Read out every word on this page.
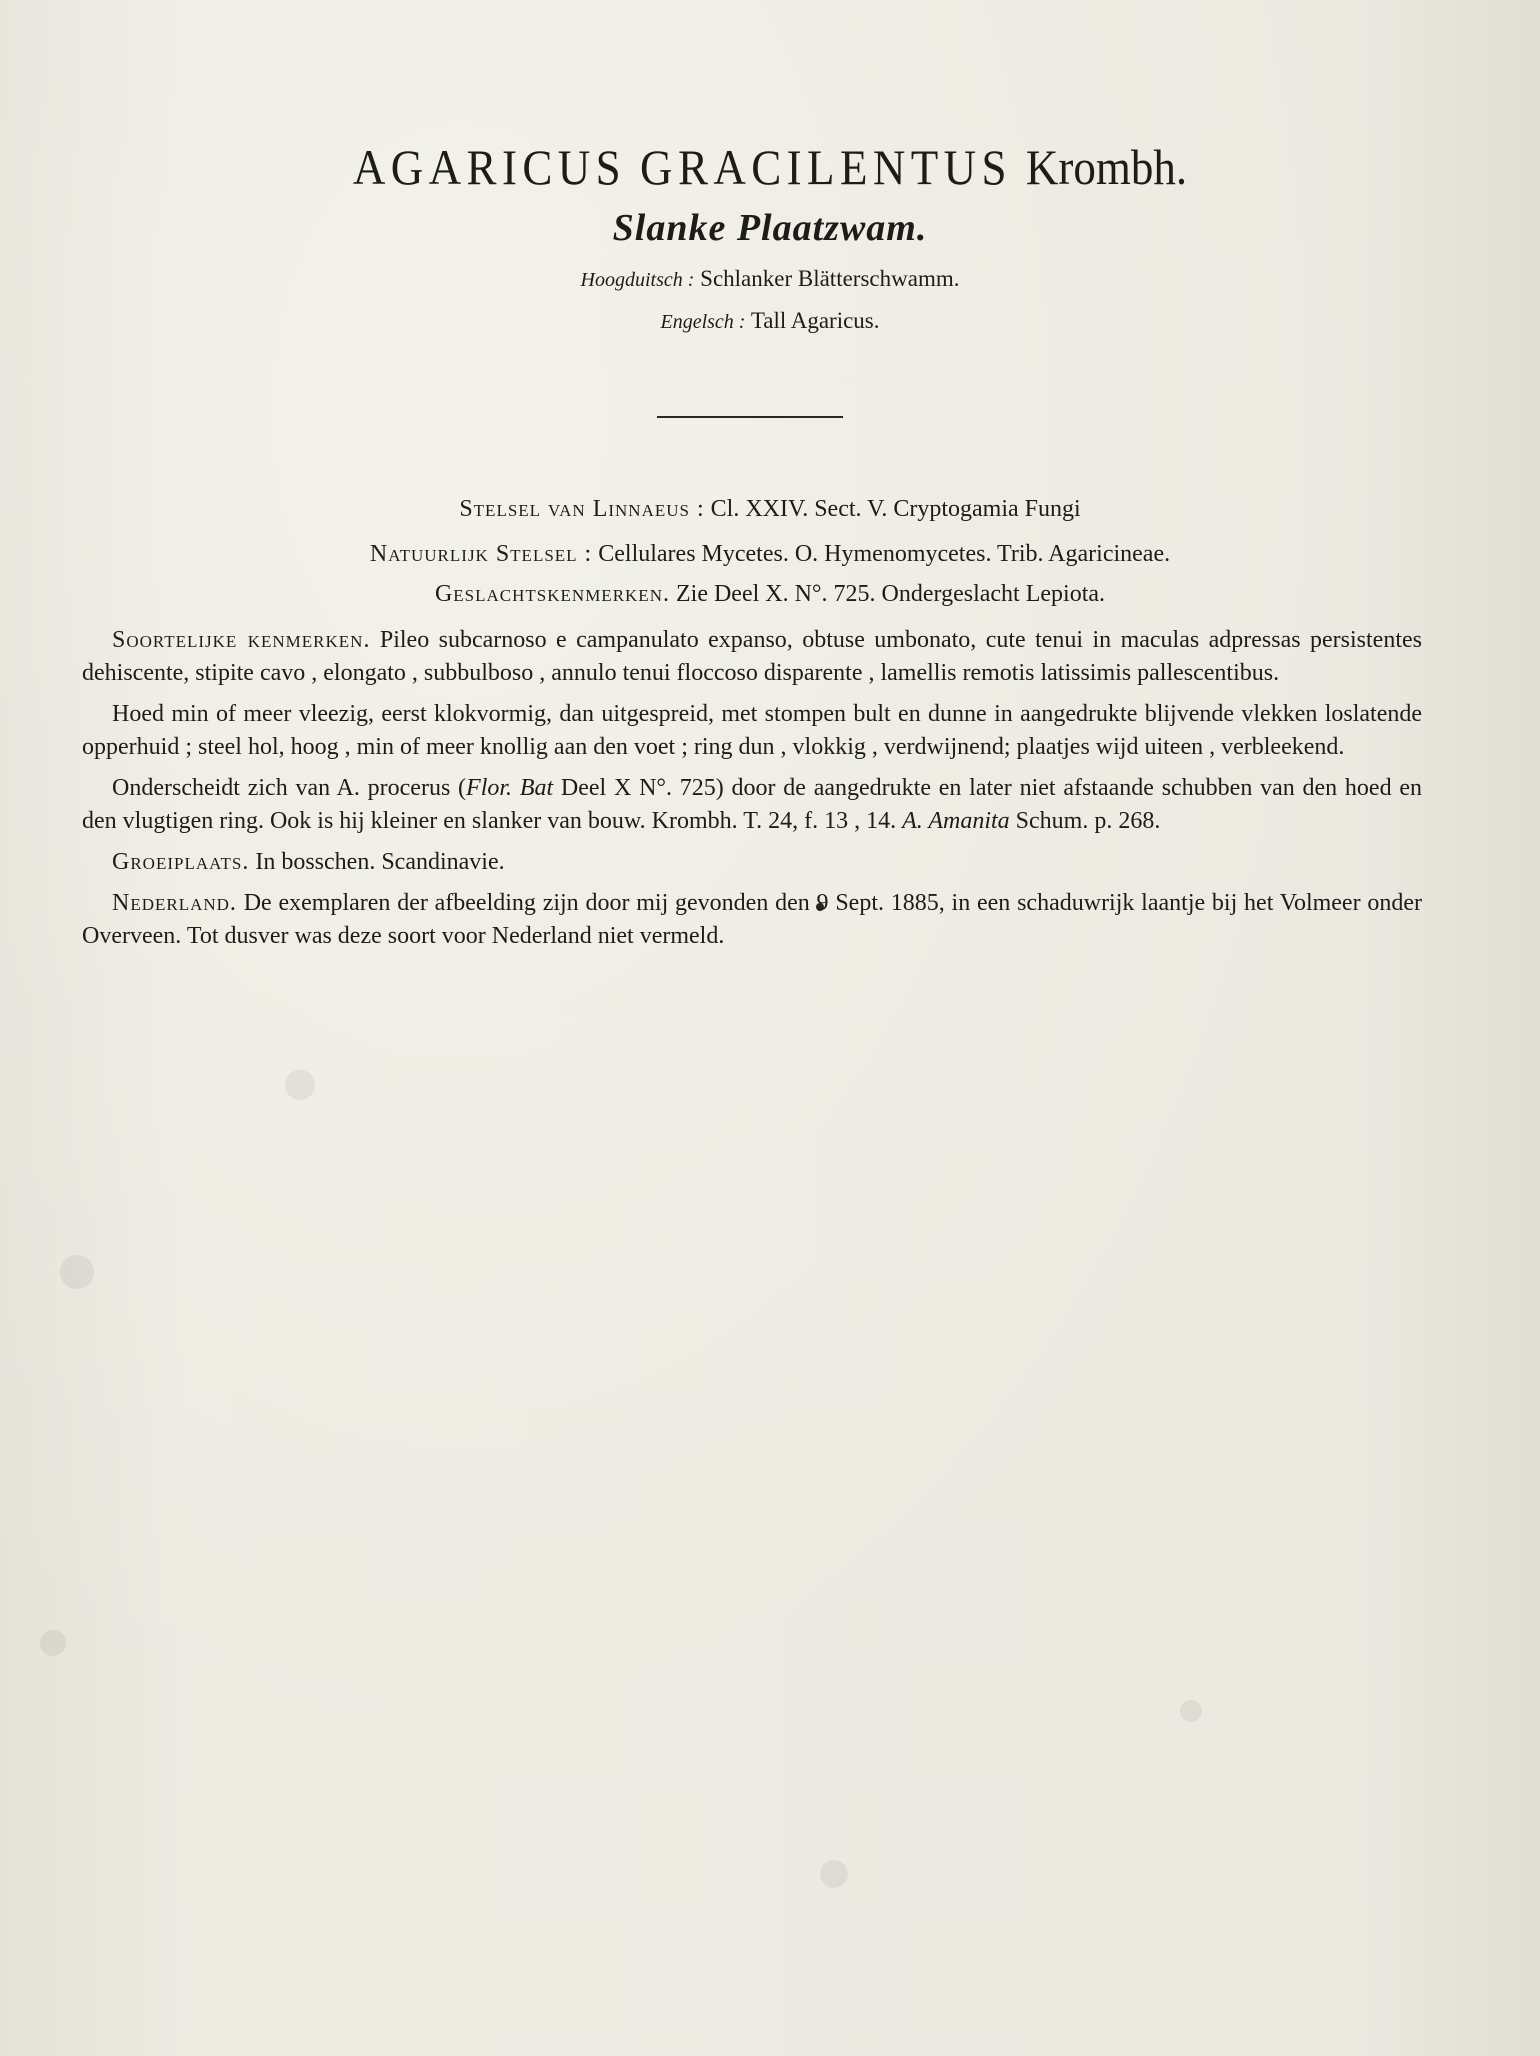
AGARICUS GRACILENTUS Krombh.
Slanke Plaatzwam.
Hoogduitsch : Schlanker Blätterschwamm.
Engelsch : Tall Agaricus.
Stelsel van Linnaeus : Cl. XXIV. Sect. V. Cryptogamia Fungi
Natuurlijk Stelsel : Cellulares Mycetes. O. Hymenomycetes. Trib. Agaricineae.
Geslachtskenmerken. Zie Deel X. N°. 725. Ondergeslacht Lepiota.

Soortelijke kenmerken. Pileo subcarnoso e campanulato expanso, obtuse umbonato, cute tenui in maculas adpressas persistentes dehiscente, stipite cavo , elongato , subbulboso , annulo tenui floccoso disparente , lamellis remotis latissimis pallescentibus.

Hoed min of meer vleezig, eerst klokvormig, dan uitgespreid, met stompen bult en dunne in aangedrukte blijvende vlekken loslatende opperhuid ; steel hol, hoog , min of meer knollig aan den voet ; ring dun , vlokkig , verdwijnend; plaatjes wijd uiteen , verbleekend.

Onderscheidt zich van A. procerus (Flor. Bat Deel X N°. 725) door de aangedrukte en later niet afstaande schubben van den hoed en den vlugtigen ring. Ook is hij kleiner en slanker van bouw. Krombh. T. 24, f. 13 , 14. A. Amanita Schum. p. 268.

Groeiplaats. In bosschen. Scandinavie.

Nederland. De exemplaren der afbeelding zijn door mij gevonden den 9 Sept. 1885, in een schaduwrijk laantje bij het Volmeer onder Overveen. Tot dusver was deze soort voor Nederland niet vermeld.
